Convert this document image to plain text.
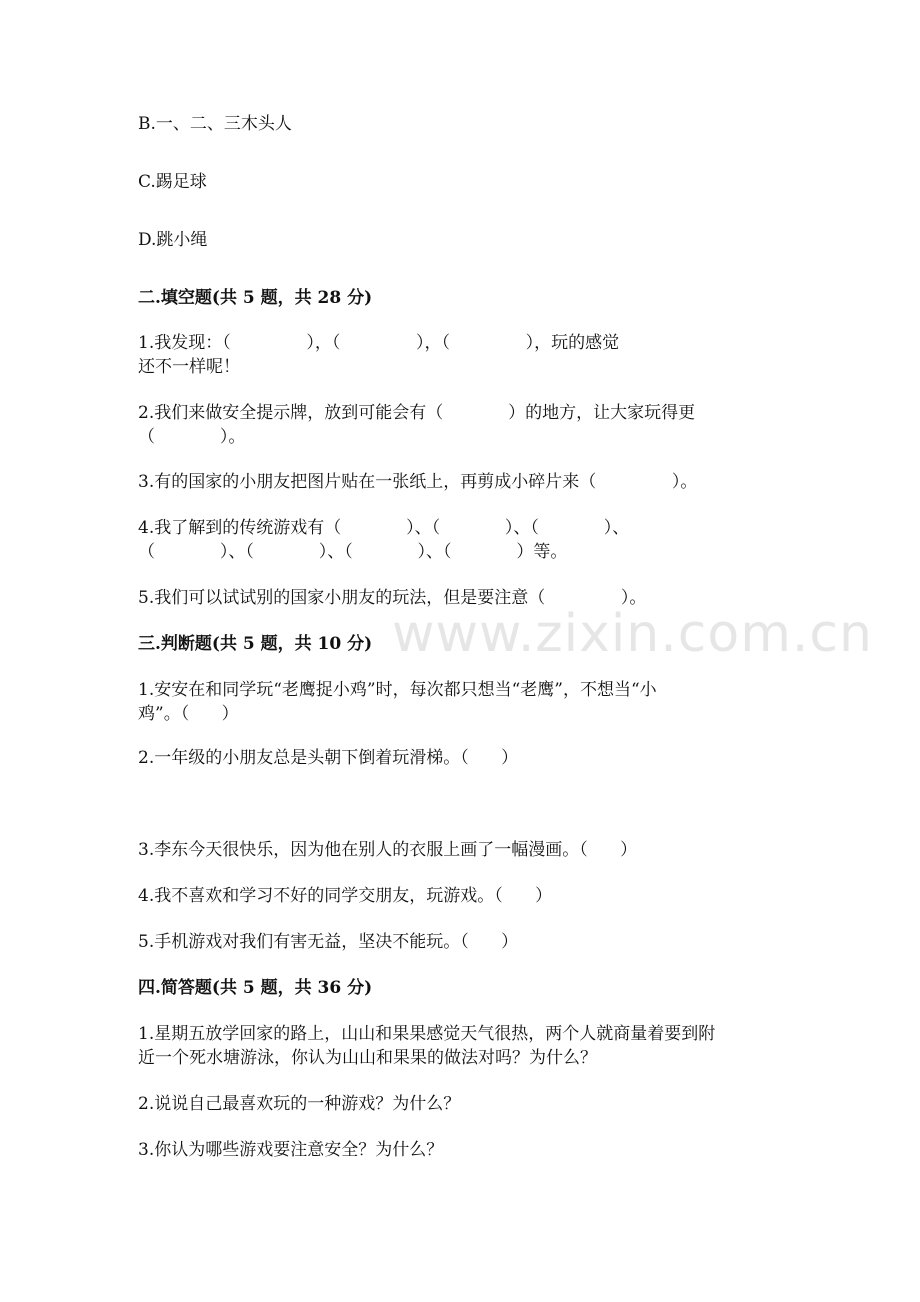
B.一、二、三木头人

C.踢足球

D.跳小绳

二.填空题(共 5 题，共 28 分)

1.我发现：（              ），（              ），（              ），玩的感觉

还不一样呢！

2.我们来做安全提示牌，放到可能会有（            ）的地方，让大家玩得更

（            ）。

3.有的国家的小朋友把图片贴在一张纸上，再剪成小碎片来（              ）。

4.我了解到的传统游戏有（            ）、（            ）、（            ）、

（            ）、（            ）、（            ）、（            ）等。

5.我们可以试试别的国家小朋友的玩法，但是要注意（              ）。

三.判断题(共 5 题，共 10 分)

1.安安在和同学玩“老鹰捉小鸡”时，每次都只想当“老鹰”，不想当“小

鸡”。（      ）

2.一年级的小朋友总是头朝下倒着玩滑梯。（      ）

3.李东今天很快乐，因为他在别人的衣服上画了一幅漫画。（      ）

4.我不喜欢和学习不好的同学交朋友，玩游戏。（      ）

5.手机游戏对我们有害无益，坚决不能玩。（      ）

四.简答题(共 5 题，共 36 分)

1.星期五放学回家的路上，山山和果果感觉天气很热，两个人就商量着要到附

近一个死水塘游泳，你认为山山和果果的做法对吗？为什么？

2.说说自己最喜欢玩的一种游戏？为什么？

3.你认为哪些游戏要注意安全？为什么？

www.zixin.com.cn
